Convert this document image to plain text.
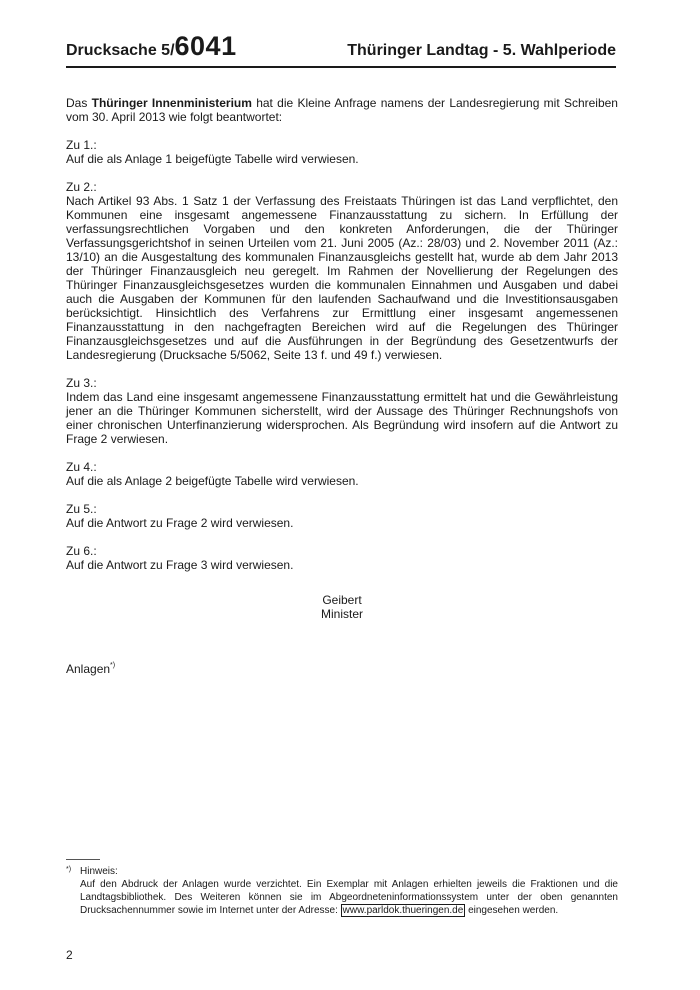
Drucksache 5/6041	Thüringer Landtag - 5. Wahlperiode

Das Thüringer Innenministerium hat die Kleine Anfrage namens der Landesregierung mit Schreiben vom 30. April 2013 wie folgt beantwortet:

Zu 1.:
Auf die als Anlage 1 beigefügte Tabelle wird verwiesen.

Zu 2.:
Nach Artikel 93 Abs. 1 Satz 1 der Verfassung des Freistaats Thüringen ist das Land verpflichtet, den Kommunen eine insgesamt angemessene Finanzausstattung zu sichern. In Erfüllung der verfassungsrechtlichen Vorgaben und den konkreten Anforderungen, die der Thüringer Verfassungsgerichtshof in seinen Urteilen vom 21. Juni 2005 (Az.: 28/03) und 2. November 2011 (Az.: 13/10) an die Ausgestaltung des kommunalen Finanzausgleichs gestellt hat, wurde ab dem Jahr 2013 der Thüringer Finanzausgleich neu geregelt. Im Rahmen der Novellierung der Regelungen des Thüringer Finanzausgleichsgesetzes wurden die kommunalen Einnahmen und Ausgaben und dabei auch die Ausgaben der Kommunen für den laufenden Sachaufwand und die Investitionsausgaben berücksichtigt. Hinsichtlich des Verfahrens zur Ermittlung einer insgesamt angemessenen Finanzausstattung in den nachgefragten Bereichen wird auf die Regelungen des Thüringer Finanzausgleichsgesetzes und auf die Ausführungen in der Begründung des Gesetzentwurfs der Landesregierung (Drucksache 5/5062, Seite 13 f. und 49 f.) verwiesen.

Zu 3.:
Indem das Land eine insgesamt angemessene Finanzausstattung ermittelt hat und die Gewährleistung jener an die Thüringer Kommunen sicherstellt, wird der Aussage des Thüringer Rechnungshofs von einer chronischen Unterfinanzierung widersprochen. Als Begründung wird insofern auf die Antwort zu Frage 2 verwiesen.

Zu 4.:
Auf die als Anlage 2 beigefügte Tabelle wird verwiesen.

Zu 5.:
Auf die Antwort zu Frage 2 wird verwiesen.

Zu 6.:
Auf die Antwort zu Frage 3 wird verwiesen.

Geibert
Minister
Anlagen*)
*) Hinweis:
Auf den Abdruck der Anlagen wurde verzichtet. Ein Exemplar mit Anlagen erhielten jeweils die Fraktionen und die Landtagsbibliothek. Des Weiteren können sie im Abgeordneteninformationssystem unter der oben genannten Drucksachennummer sowie im Internet unter der Adresse: www.parldok.thueringen.de eingesehen werden.
2
